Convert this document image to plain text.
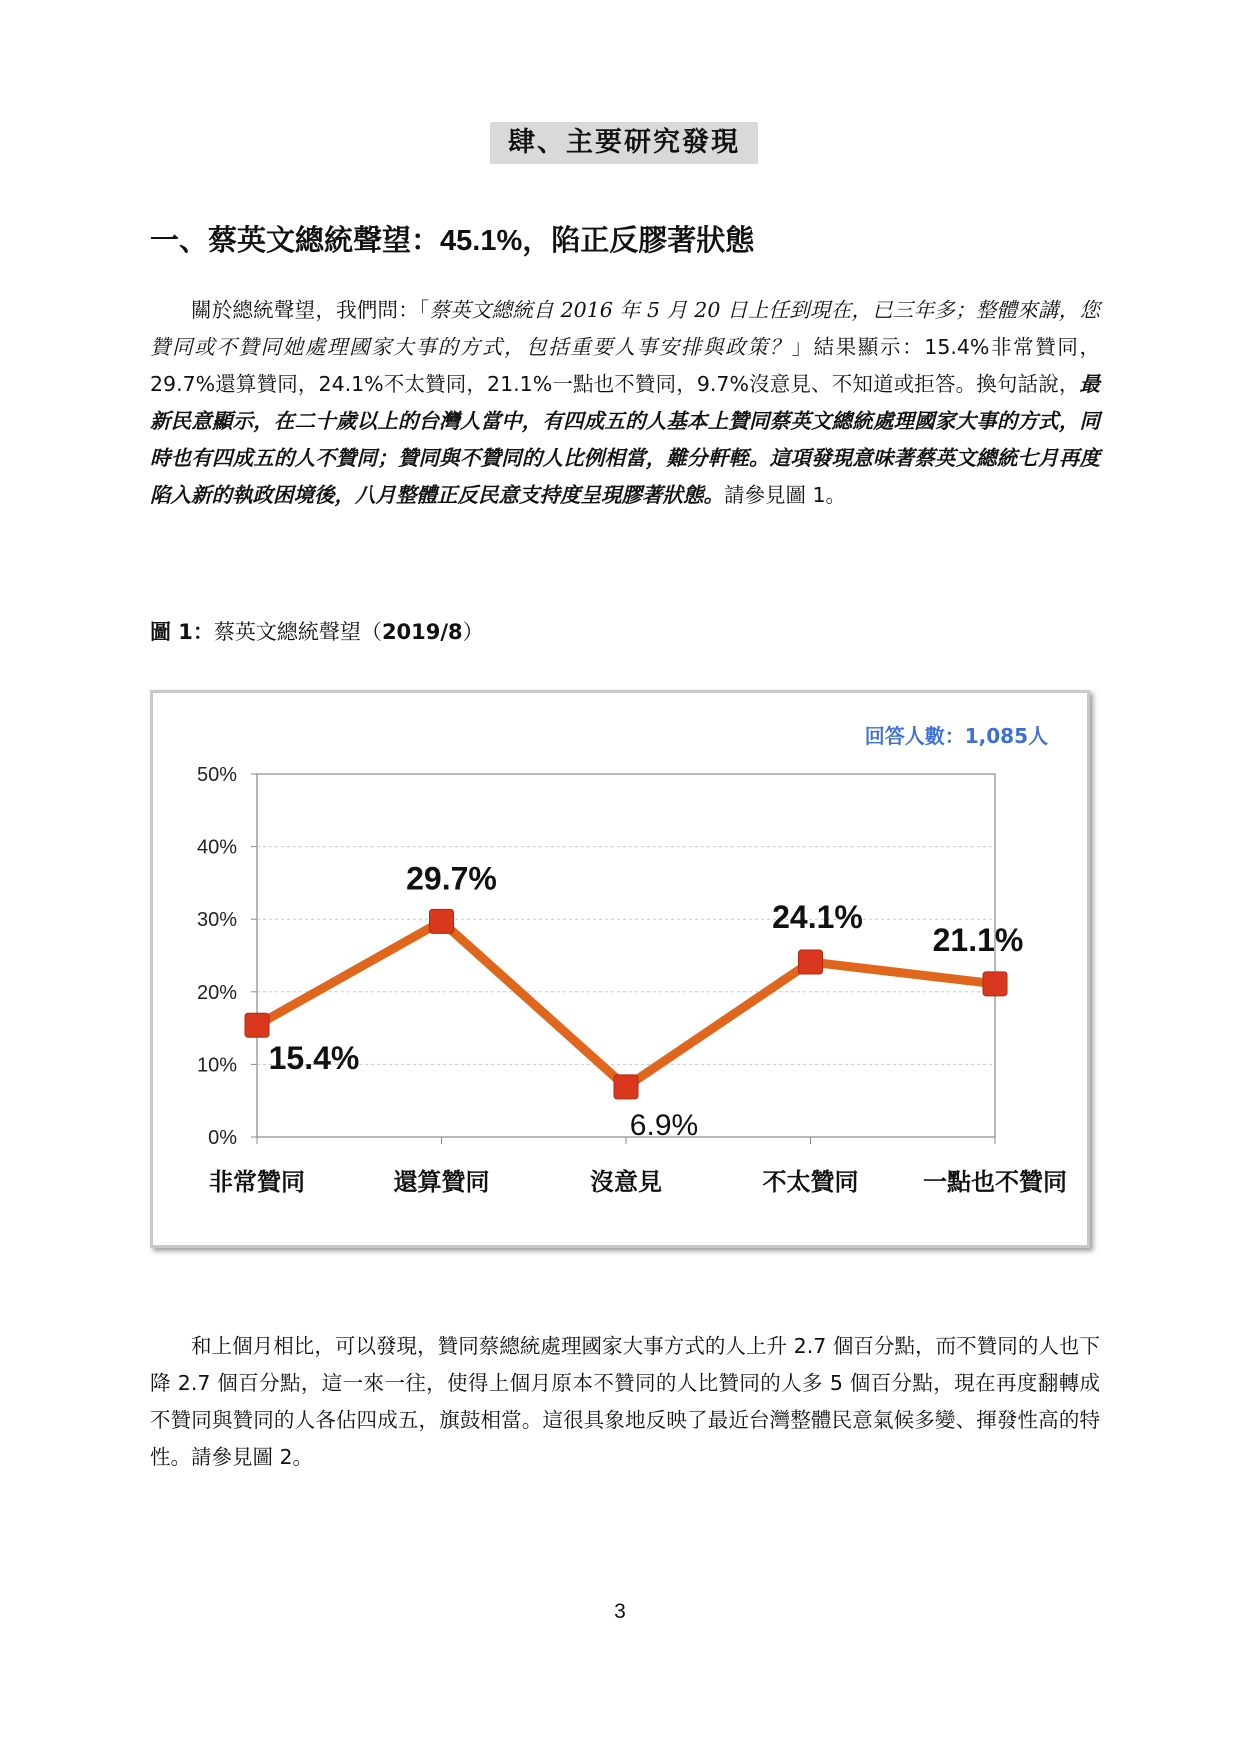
肆、主要研究發現
一、蔡英文總統聲望：45.1%，陷正反膠著狀態

關於總統聲望，我們問：「蔡英文總統自 2016 年 5 月 20 日上任到現在，已三年多；整體來講，您贊同或不贊同她處理國家大事的方式，包括重要人事安排與政策？」結果顯示：15.4%非常贊同，29.7%還算贊同，24.1%不太贊同，21.1%一點也不贊同，9.7%沒意見、不知道或拒答。換句話說，最新民意顯示，在二十歲以上的台灣人當中，有四成五的人基本上贊同蔡英文總統處理國家大事的方式，同時也有四成五的人不贊同；贊同與不贊同的人比例相當，難分軒輊。這項發現意味著蔡英文總統七月再度陷入新的執政困境後，八月整體正反民意支持度呈現膠著狀態。請參見圖 1。

圖 1：蔡英文總統聲望（2019/8）
0%
10%
20%
30%
40%
50%
非常贊同	還算贊同	沒意見	不太贊同	一點也不贊同
15.4%
29.7%
6.9%
24.1%
21.1%
回答人數：1,085人

和上個月相比，可以發現，贊同蔡總統處理國家大事方式的人上升 2.7 個百分點，而不贊同的人也下降 2.7 個百分點，這一來一往，使得上個月原本不贊同的人比贊同的人多 5 個百分點，現在再度翻轉成不贊同與贊同的人各佔四成五，旗鼓相當。這很具象地反映了最近台灣整體民意氣候多變、揮發性高的特性。請參見圖 2。

3
